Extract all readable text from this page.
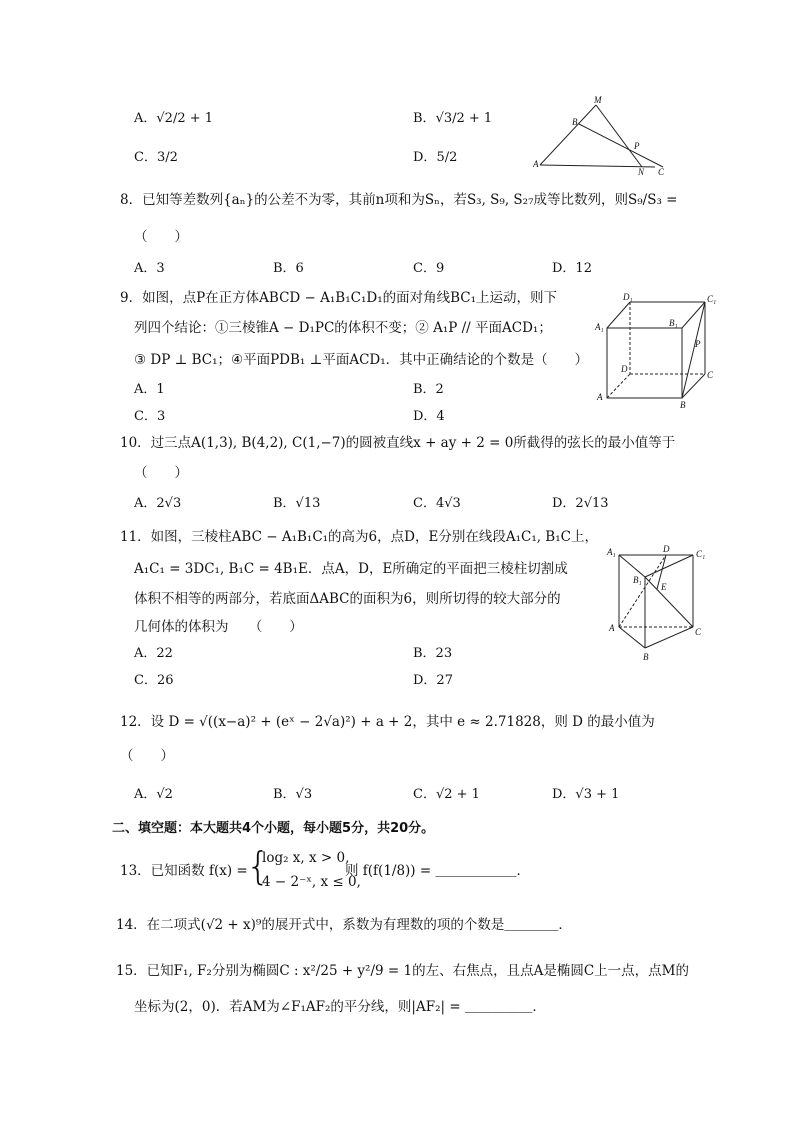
A．√2/2 + 1	B．√3/2 + 1
C．3/2	D．5/2
M
B
P
A
N C
8．已知等差数列{aₙ}的公差不为零，其前n项和为Sₙ，若S₃, S₉, S₂₇成等比数列，则S₉/S₃ =
（　　）
A．3	B．6	C．9	D．12
9．如图，点P在正方体ABCD − A₁B₁C₁D₁的面对角线BC₁上运动，则下
列四个结论：①三棱锥A − D₁PC的体积不变；② A₁P // 平面ACD₁；
③ DP ⊥ BC₁；④平面PDB₁ ⊥平面ACD₁．其中正确结论的个数是（　　）
A．1	B．2
C．3	D．4
D₁	C₁
A₁	B₁
P
D
C
A
B
10．过三点A(1,3), B(4,2), C(1,−7)的圆被直线x + ay + 2 = 0所截得的弦长的最小值等于
（　　）
A．2√3	B．√13	C．4√3	D．2√13
11．如图，三棱柱ABC − A₁B₁C₁的高为6，点D，E分别在线段A₁C₁, B₁C上，
A₁C₁ = 3DC₁, B₁C = 4B₁E．点A，D，E所确定的平面把三棱柱切割成
体积不相等的两部分，若底面ΔABC的面积为6，则所切得的较大部分的
几何体的体积为　　（　　）
A．22	B．23
C．26	D．27
A₁	D	C₁
B₁
E
A	C
B
12．设 D = √((x−a)² + (eˣ − 2√a)²) + a + 2，其中 e ≈ 2.71828，则 D 的最小值为
（　　）
A．√2	B．√3	C．√2 + 1	D．√3 + 1
二、填空题：本大题共4个小题，每小题5分，共20分。
13．已知函数 f(x) =
{
log₂ x, x > 0,
4 − 2⁻ˣ, x ≤ 0,
则 f(f(1/8)) = ＿＿＿＿＿＿．
14．在二项式(√2 + x)⁹的展开式中，系数为有理数的项的个数是＿＿＿＿．
15．已知F₁, F₂分别为椭圆C : x²/25 + y²/9 = 1的左、右焦点，且点A是椭圆C上一点，点M的
坐标为(2，0)．若AM为∠F₁AF₂的平分线，则|AF₂| = ＿＿＿＿＿．
